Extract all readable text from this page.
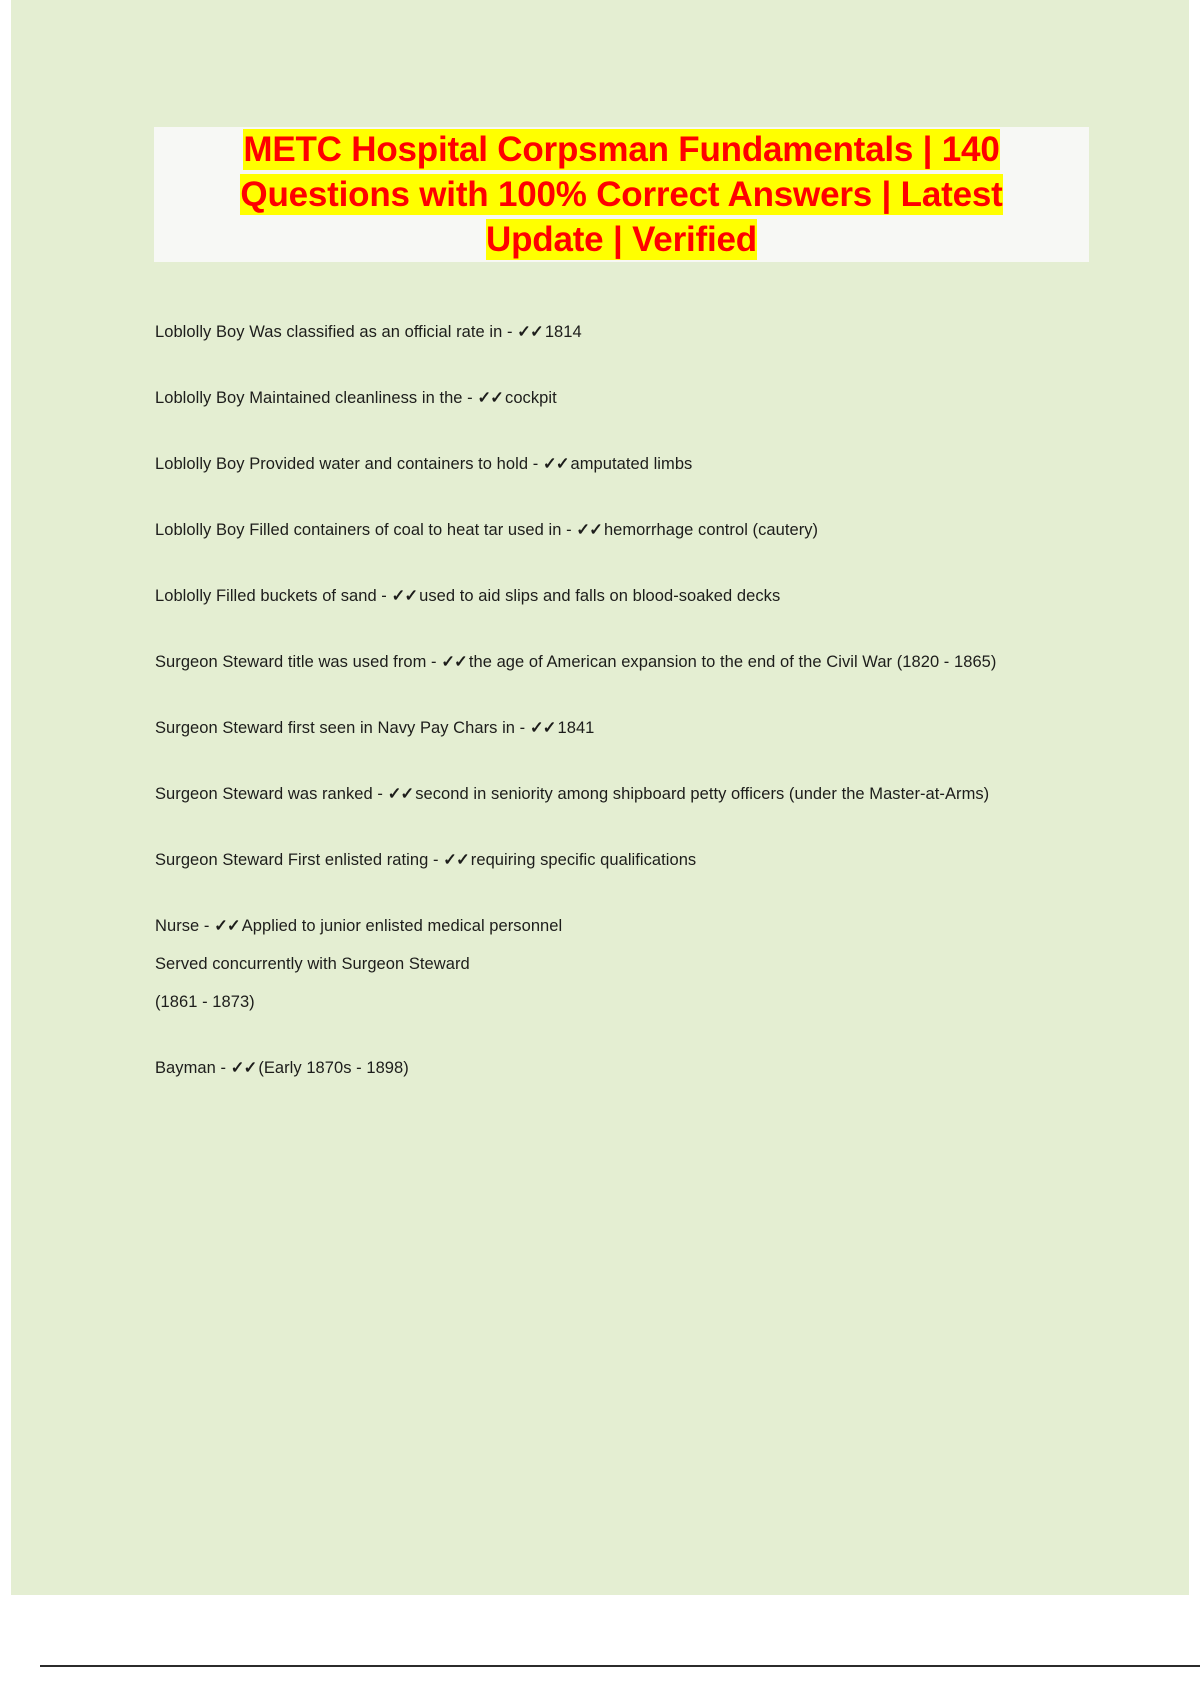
METC Hospital Corpsman Fundamentals | 140
Questions with 100% Correct Answers | Latest
Update | Verified
Loblolly Boy Was classified as an official rate in - ✓✓ 1814
Loblolly Boy Maintained cleanliness in the - ✓✓ cockpit
Loblolly Boy Provided water and containers to hold - ✓✓ amputated limbs
Loblolly Boy Filled containers of coal to heat tar used in - ✓✓ hemorrhage control (cautery)
Loblolly Filled buckets of sand - ✓✓ used to aid slips and falls on blood-soaked decks
Surgeon Steward title was used from - ✓✓ the age of American expansion to the end of the Civil War (1820 - 1865)
Surgeon Steward first seen in Navy Pay Chars in - ✓✓ 1841
Surgeon Steward was ranked - ✓✓ second in seniority among shipboard petty officers (under the Master-at-Arms)
Surgeon Steward First enlisted rating - ✓✓ requiring specific qualifications
Nurse - ✓✓ Applied to junior enlisted medical personnel
Served concurrently with Surgeon Steward
(1861 - 1873)
Bayman - ✓✓ (Early 1870s - 1898)
